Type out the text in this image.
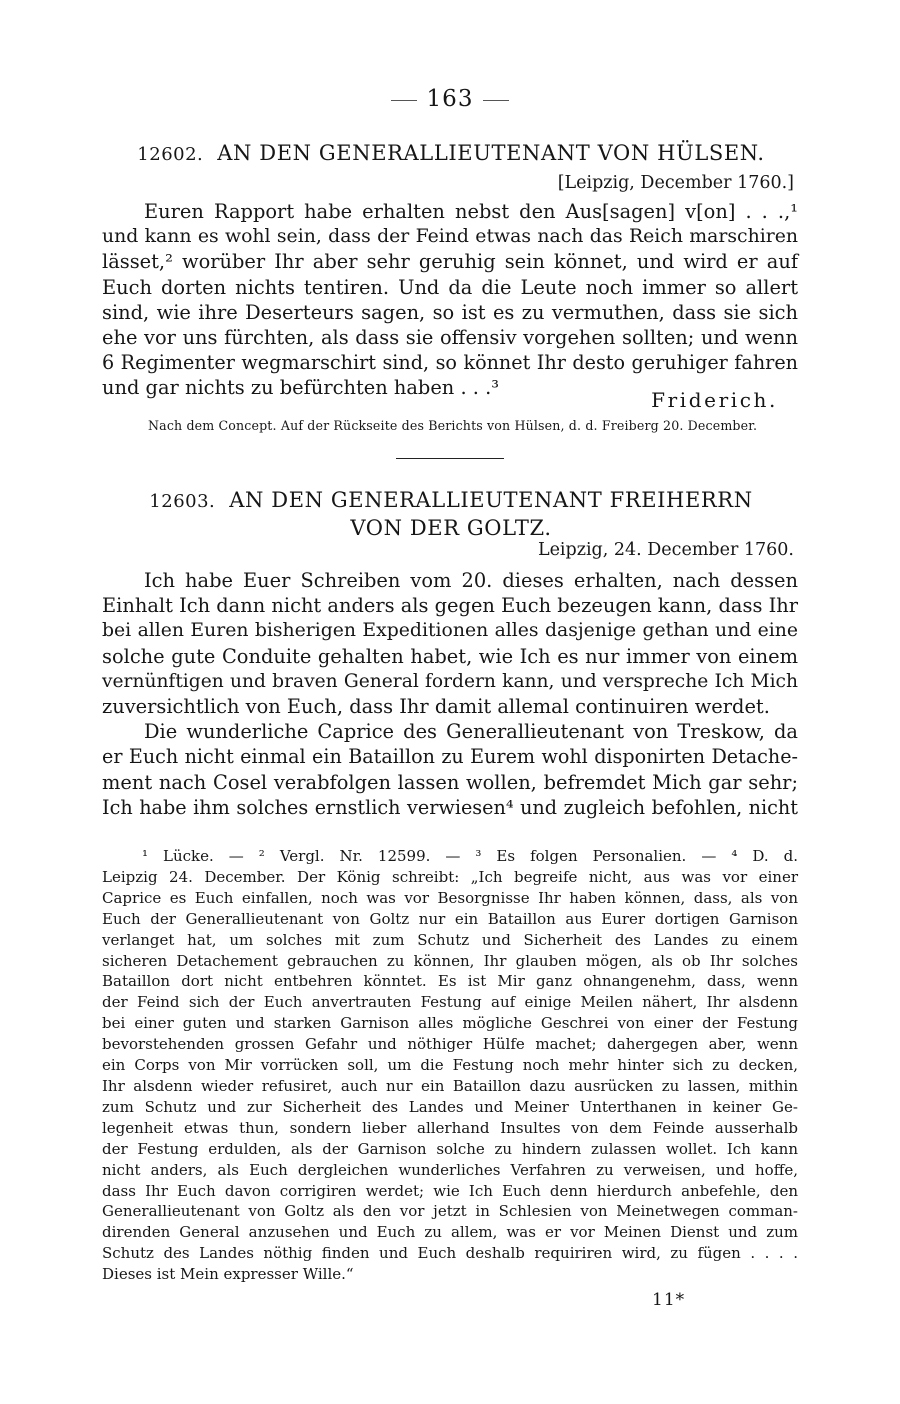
163
12602. AN DEN GENERALLIEUTENANT VON HÜLSEN.
[Leipzig, December 1760.]
Euren Rapport habe erhalten nebst den Aus[sagen] v[on] . . .,¹
und kann es wohl sein, dass der Feind etwas nach das Reich marschiren
lässet,² worüber Ihr aber sehr geruhig sein könnet, und wird er auf
Euch dorten nichts tentiren. Und da die Leute noch immer so allert
sind, wie ihre Deserteurs sagen, so ist es zu vermuthen, dass sie sich
ehe vor uns fürchten, als dass sie offensiv vorgehen sollten; und wenn
6 Regimenter wegmarschirt sind, so könnet Ihr desto geruhiger fahren
und gar nichts zu befürchten haben . . .³
Friderich.
Nach dem Concept. Auf der Rückseite des Berichts von Hülsen, d. d. Freiberg 20. December.
12603. AN DEN GENERALLIEUTENANT FREIHERRN
VON DER GOLTZ.
Leipzig, 24. December 1760.
Ich habe Euer Schreiben vom 20. dieses erhalten, nach dessen
Einhalt Ich dann nicht anders als gegen Euch bezeugen kann, dass Ihr
bei allen Euren bisherigen Expeditionen alles dasjenige gethan und eine
solche gute Conduite gehalten habet, wie Ich es nur immer von einem
vernünftigen und braven General fordern kann, und verspreche Ich Mich
zuversichtlich von Euch, dass Ihr damit allemal continuiren werdet.
Die wunderliche Caprice des Generallieutenant von Treskow, da
er Euch nicht einmal ein Bataillon zu Eurem wohl disponirten Detache-
ment nach Cosel verabfolgen lassen wollen, befremdet Mich gar sehr;
Ich habe ihm solches ernstlich verwiesen⁴ und zugleich befohlen, nicht
¹ Lücke. — ² Vergl. Nr. 12599. — ³ Es folgen Personalien. — ⁴ D. d.
Leipzig 24. December. Der König schreibt: „Ich begreife nicht, aus was vor einer
Caprice es Euch einfallen, noch was vor Besorgnisse Ihr haben können, dass, als von
Euch der Generallieutenant von Goltz nur ein Bataillon aus Eurer dortigen Garnison
verlanget hat, um solches mit zum Schutz und Sicherheit des Landes zu einem
sicheren Detachement gebrauchen zu können, Ihr glauben mögen, als ob Ihr solches
Bataillon dort nicht entbehren könntet. Es ist Mir ganz ohnangenehm, dass, wenn
der Feind sich der Euch anvertrauten Festung auf einige Meilen nähert, Ihr alsdenn
bei einer guten und starken Garnison alles mögliche Geschrei von einer der Festung
bevorstehenden grossen Gefahr und nöthiger Hülfe machet; dahergegen aber, wenn
ein Corps von Mir vorrücken soll, um die Festung noch mehr hinter sich zu decken,
Ihr alsdenn wieder refusiret, auch nur ein Bataillon dazu ausrücken zu lassen, mithin
zum Schutz und zur Sicherheit des Landes und Meiner Unterthanen in keiner Ge-
legenheit etwas thun, sondern lieber allerhand Insultes von dem Feinde ausserhalb
der Festung erdulden, als der Garnison solche zu hindern zulassen wollet. Ich kann
nicht anders, als Euch dergleichen wunderliches Verfahren zu verweisen, und hoffe,
dass Ihr Euch davon corrigiren werdet; wie Ich Euch denn hierdurch anbefehle, den
Generallieutenant von Goltz als den vor jetzt in Schlesien von Meinetwegen comman-
direnden General anzusehen und Euch zu allem, was er vor Meinen Dienst und zum
Schutz des Landes nöthig finden und Euch deshalb requiriren wird, zu fügen . . . .
Dieses ist Mein expresser Wille.“
11*
